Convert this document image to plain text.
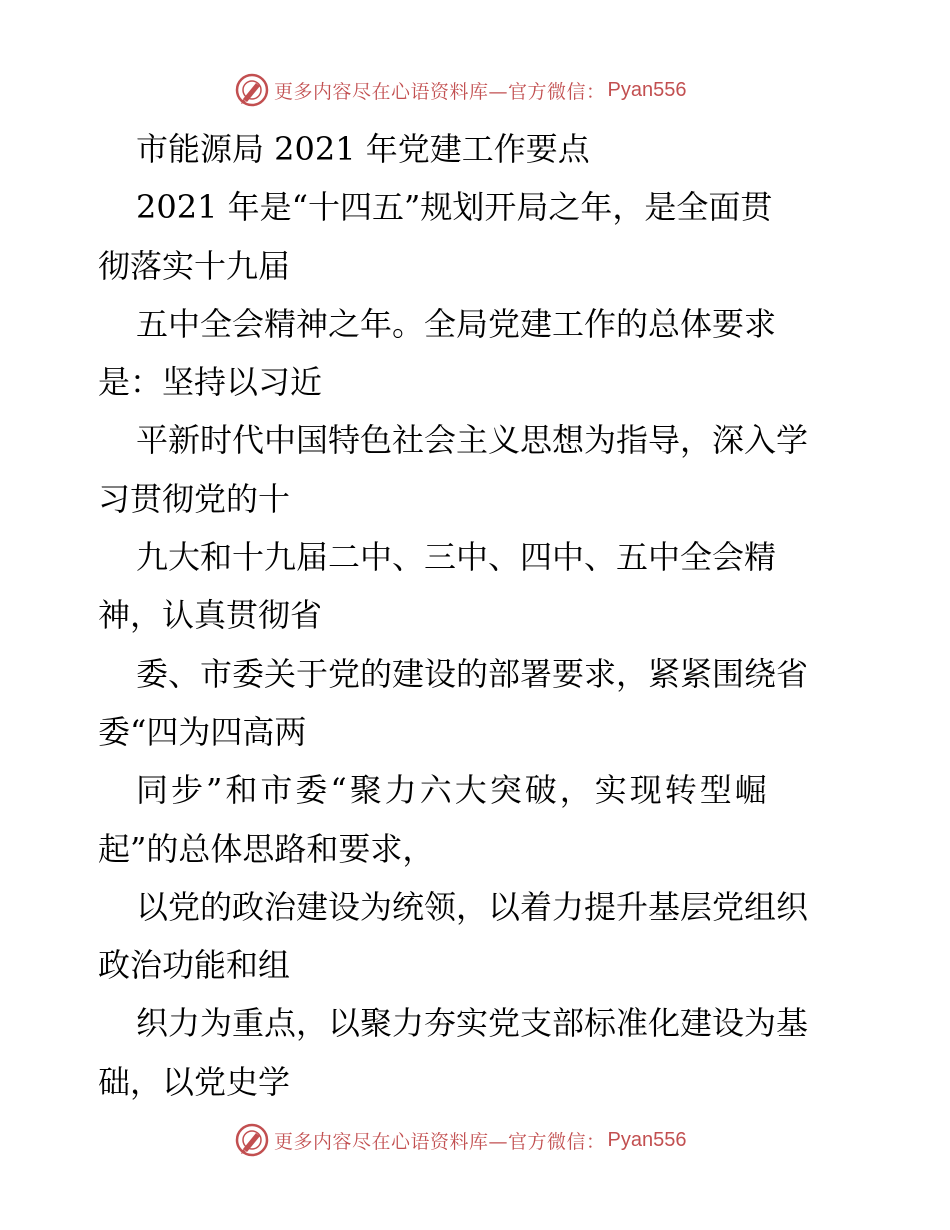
更多内容尽在心语资料库—官方微信： Pyan556
市能源局 2021 年党建工作要点
2021 年是“十四五”规划开局之年，是全面贯
彻落实十九届
五中全会精神之年。全局党建工作的总体要求
是：坚持以习近
平新时代中国特色社会主义思想为指导，深入学
习贯彻党的十
九大和十九届二中、三中、四中、五中全会精
神，认真贯彻省
委、市委关于党的建设的部署要求，紧紧围绕省
委“四为四高两
同步”和市委“聚力六大突破，实现转型崛
起”的总体思路和要求，
以党的政治建设为统领，以着力提升基层党组织
政治功能和组
织力为重点，以聚力夯实党支部标准化建设为基
础，以党史学
更多内容尽在心语资料库—官方微信： Pyan556
